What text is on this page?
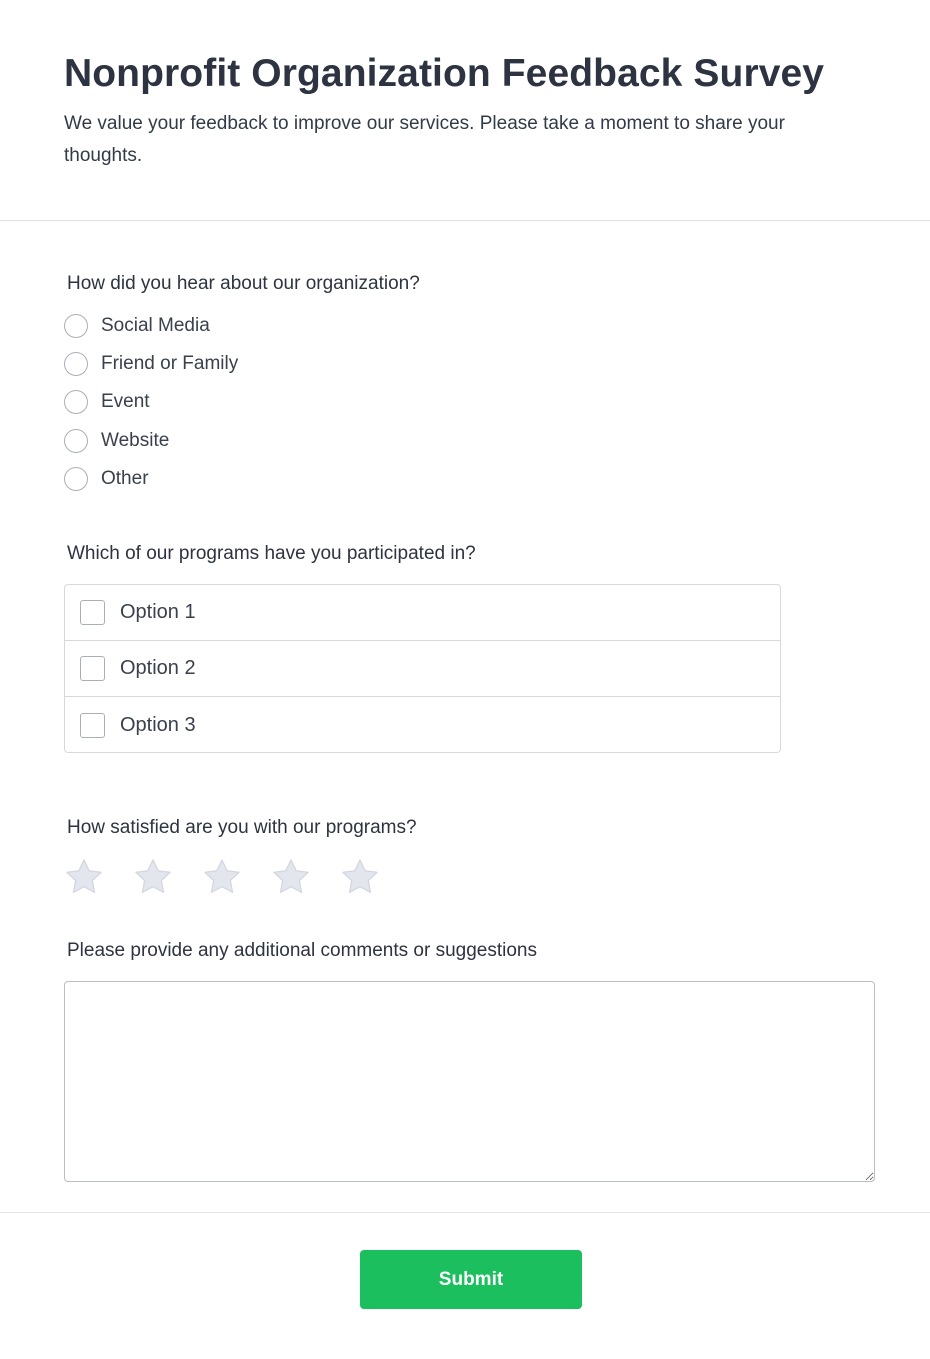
Nonprofit Organization Feedback Survey

We value your feedback to improve our services. Please take a moment to share your thoughts.

How did you hear about our organization?
Social Media
Friend or Family
Event
Website
Other
Which of our programs have you participated in?
Option 1
Option 2
Option 3
How satisfied are you with our programs?
Please provide any additional comments or suggestions
Submit
